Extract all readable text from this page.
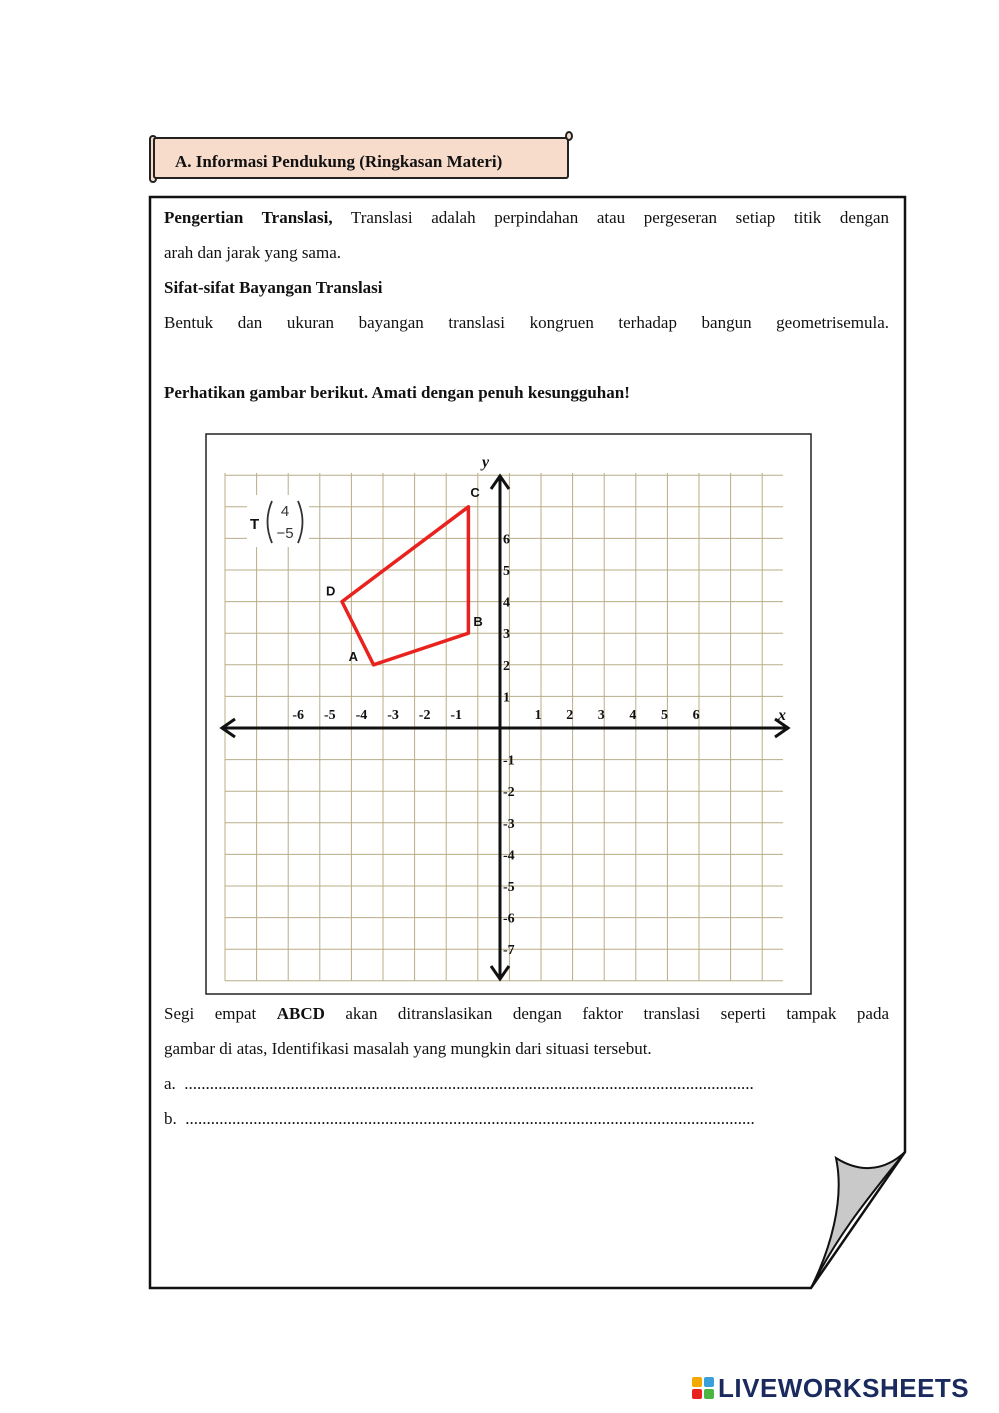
A. Informasi Pendukung (Ringkasan Materi)
Pengertian Translasi, Translasi adalah perpindahan atau pergeseran setiap titik dengan
arah dan jarak yang sama.
Sifat-sifat Bayangan Translasi
Bentuk dan ukuran bayangan translasi kongruen terhadap bangun geometrisemula.
Perhatikan gambar berikut. Amati dengan penuh kesungguhan!
-6 -5 -4 -3 -2 -1	1 2 3 4 5 6
6
5
4
3
2
1
-1
-2
-3
-4
-5
-6
-7
x
y
A
B
C
D
T
4
−5
Segi empat ABCD akan ditranslasikan dengan faktor translasi seperti tampak pada
gambar di atas, Identifikasi masalah yang mungkin dari situasi tersebut.
a. ......................................................................................................................................
b. ......................................................................................................................................
LIVEWORKSHEETS
